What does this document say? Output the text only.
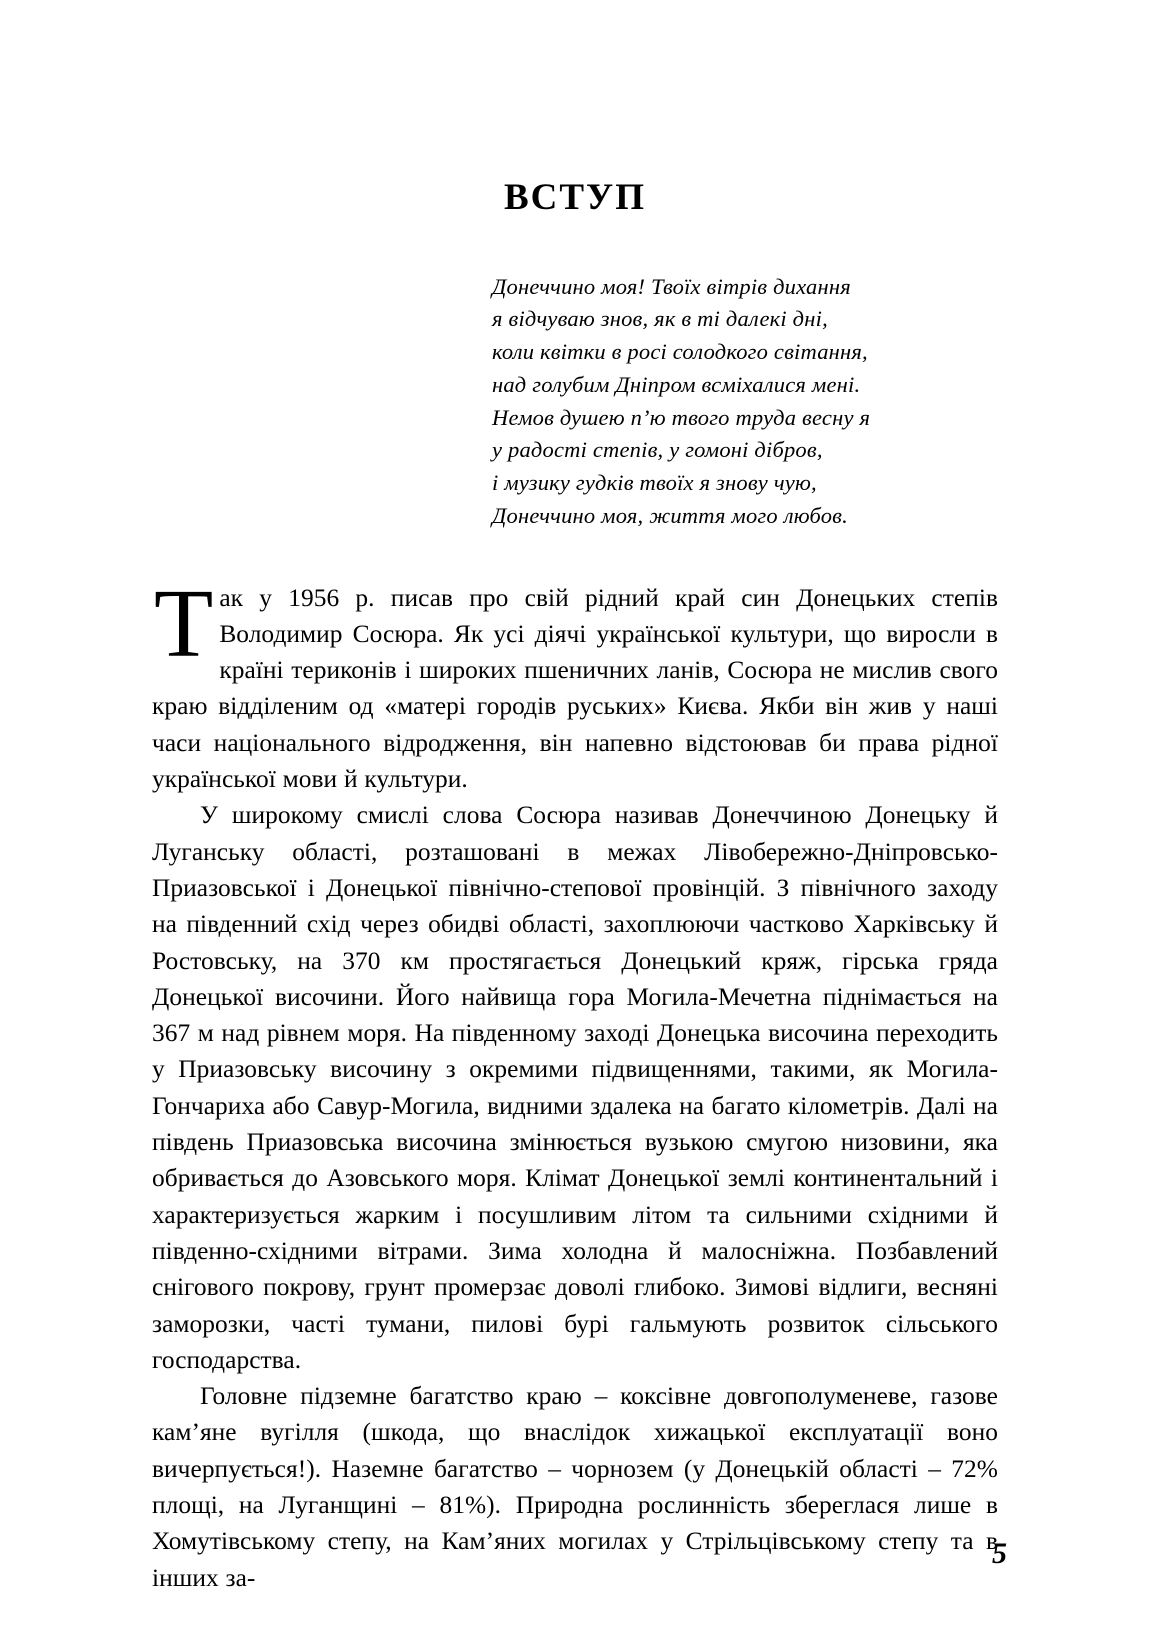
ВСТУП
Донеччино моя! Твоїх вітрів дихання
я відчуваю знов, як в ті далекі дні,
коли квітки в росі солодкого світання,
над голубим Дніпром всміхалися мені.
Немов душею п’ю твого труда весну я
у радості степів, у гомоні дібров,
і музику гудків твоїх я знову чую,
Донеччино моя, життя мого любов.

Так у 1956 р. писав про свій рідний край син Донецьких степів Володимир Сосюра. Як усі діячі української культури, що виросли в країні териконів і широких пшеничних ланів, Сосюра не мислив свого краю відділеним од «матері городів руських» Києва. Якби він жив у наші часи національного відродження, він напевно відстоював би права рідної української мови й культури.

У широкому смислі слова Сосюра називав Донеччиною Донецьку й Луганську області, розташовані в межах Лівобережно-Дніпровсько-Приазовської і Донецької північно-степової провінцій. З північного заходу на південний схід через обидві області, захоплюючи частково Харківську й Ростовську, на 370 км простягається Донецький кряж, гірська гряда Донецької височини. Його найвища гора Могила-Мечетна піднімається на 367 м над рівнем моря. На південному заході Донецька височина переходить у Приазовську височину з окремими підвищеннями, такими, як Могила-Гончариха або Савур-Могила, видними здалека на багато кілометрів. Далі на південь Приазовська височина змінюється вузькою смугою низовини, яка обривається до Азовського моря. Клімат Донецької землі континентальний і характеризується жарким і посушливим літом та сильними східними й південно-східними вітрами. Зима холодна й малосніжна. Позбавлений снігового покрову, грунт промерзає доволі глибоко. Зимові відлиги, весняні заморозки, часті тумани, пилові бурі гальмують розвиток сільського господарства.

Головне підземне багатство краю – коксівне довгополуменеве, газове кам’яне вугілля (шкода, що внаслідок хижацької експлуатації воно вичерпується!). Наземне багатство – чорнозем (у Донецькій області – 72% площі, на Луганщині – 81%). Природна рослинність збереглася лише в Хомутівському степу, на Кам’яних могилах у Стрільцівському степу та в інших за-

5
